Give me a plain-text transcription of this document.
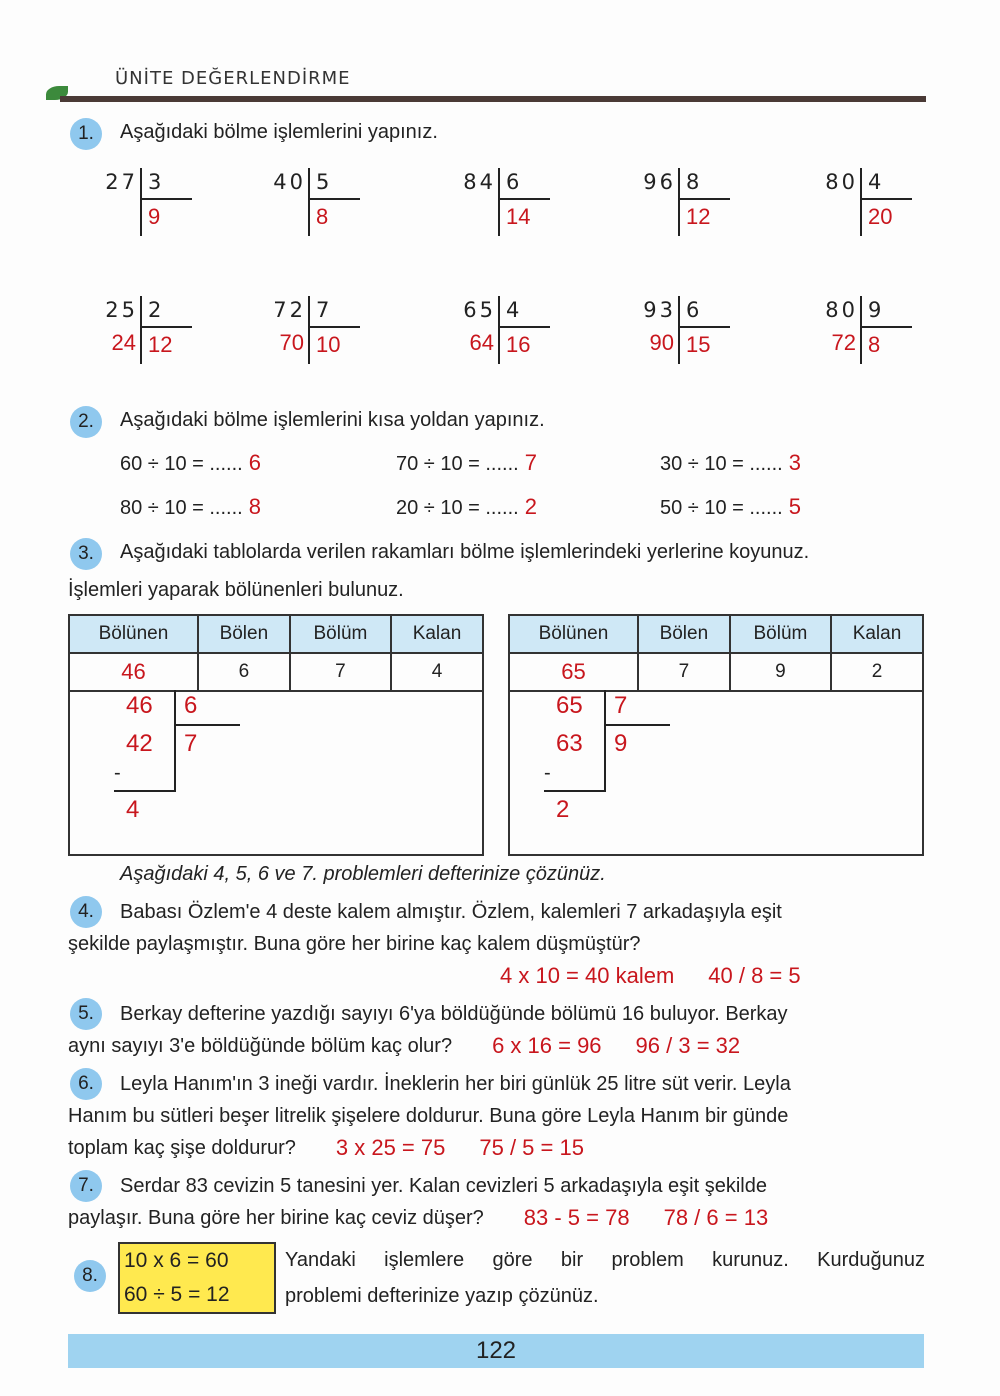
ÜNİTE DEĞERLENDİRME
1.	Aşağıdaki bölme işlemlerini yapınız.
27 3
9
40 5
8
84 6
14
96 8
12
80 4
20
25 2
12
24
72 7
10
70
65 4
16
64
93 6
15
90
80 9
8
72
2.	Aşağıdaki bölme işlemlerini kısa yoldan yapınız.
60 ÷ 10 = ...... 6	70 ÷ 10 = ...... 7	30 ÷ 10 = ...... 3
80 ÷ 10 = ...... 8	20 ÷ 10 = ...... 2	50 ÷ 10 = ...... 5
3.	Aşağıdaki tablolarda verilen rakamları bölme işlemlerindeki yerlerine koyunuz.
İşlemleri yaparak bölünenleri bulunuz.
Bölünen	Bölen	Bölüm	Kalan
46	6	7	4
46 6
42 7
-
4
Bölünen	Bölen	Bölüm	Kalan
65	7	9	2
65 7
63 9
-
2
Aşağıdaki 4, 5, 6 ve 7. problemleri defterinize çözünüz.
4.	Babası Özlem'e 4 deste kalem almıştır. Özlem, kalemleri 7 arkadaşıyla eşit
şekilde paylaşmıştır. Buna göre her birine kaç kalem düşmüştür?
4 x 10 = 40 kalem 40 / 8 = 5
5.	Berkay defterine yazdığı sayıyı 6'ya böldüğünde bölümü 16 buluyor. Berkay
aynı sayıyı 3'e böldüğünde bölüm kaç olur? 6 x 16 = 96 96 / 3 = 32
6.	Leyla Hanım'ın 3 ineği vardır. İneklerin her biri günlük 25 litre süt verir. Leyla
Hanım bu sütleri beşer litrelik şişelere doldurur. Buna göre Leyla Hanım bir günde
toplam kaç şişe doldurur? 3 x 25 = 75 75 / 5 = 15
7.	Serdar 83 cevizin 5 tanesini yer. Kalan cevizleri 5 arkadaşıyla eşit şekilde
paylaşır. Buna göre her birine kaç ceviz düşer? 83 - 5 = 78 78 / 6 = 13
8.
10 x 6 = 60
60 ÷ 5 = 12
Yandaki işlemlere göre bir problem kurunuz. Kurduğunuz
problemi defterinize yazıp çözünüz.
122
